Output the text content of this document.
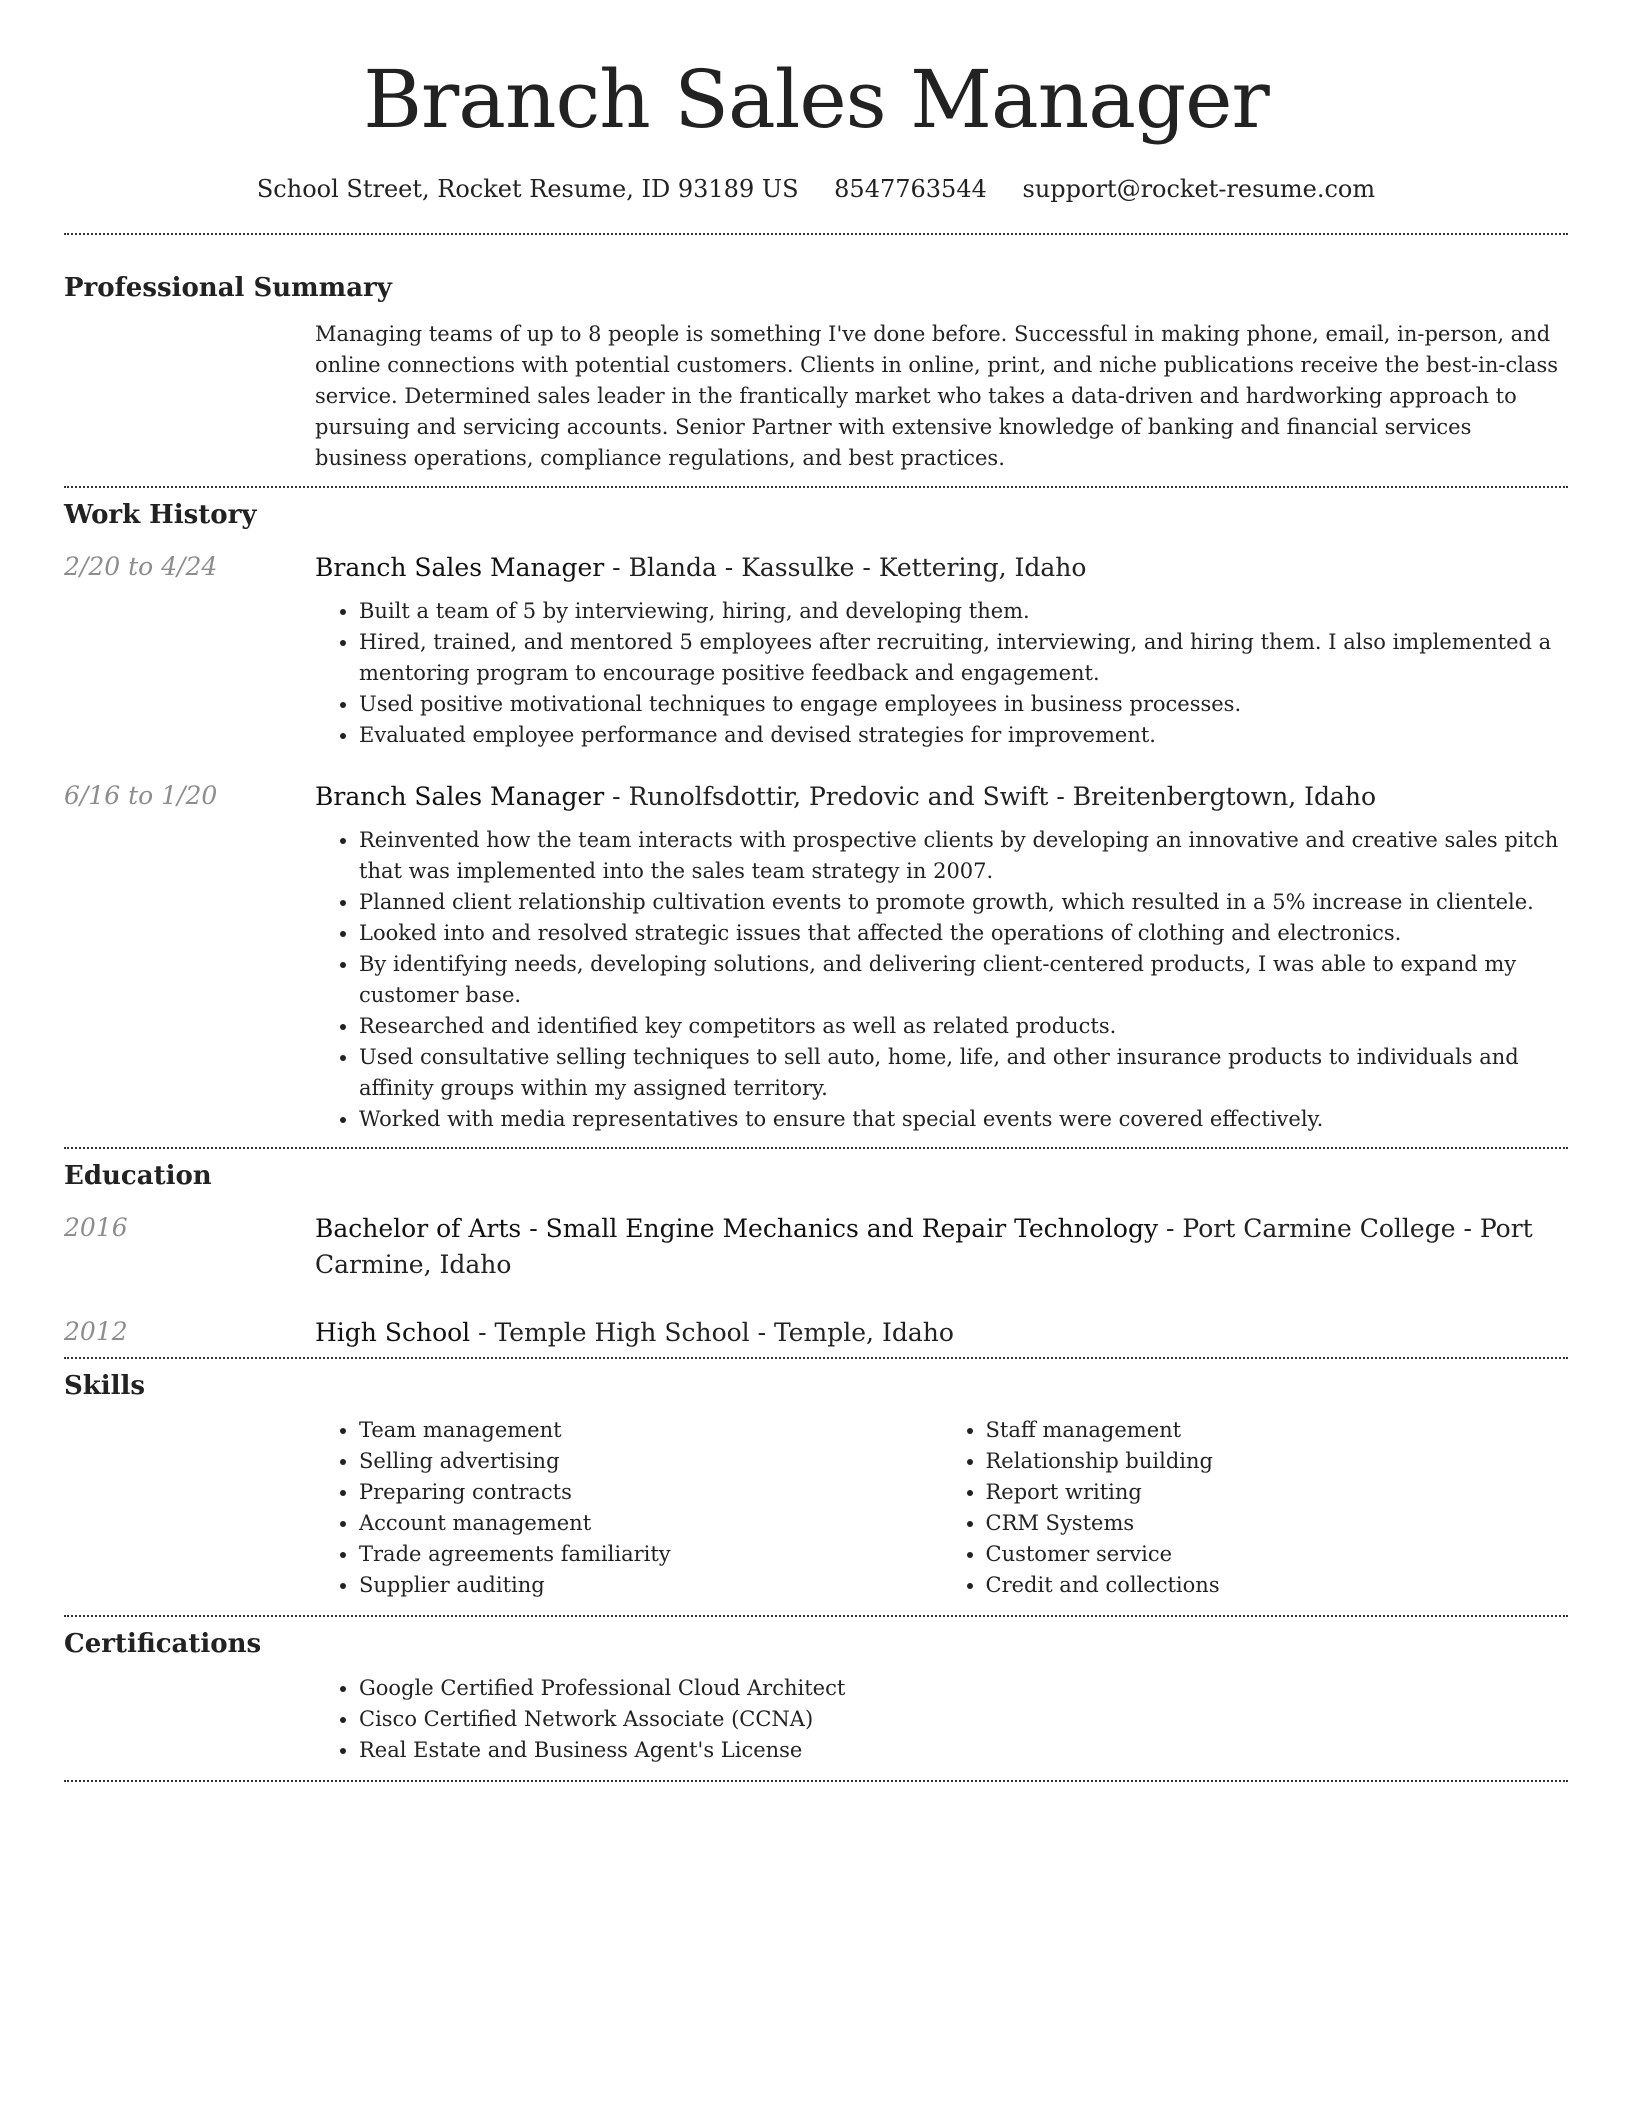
Branch Sales Manager
School Street, Rocket Resume, ID 93189 US 8547763544 support@rocket-resume.com
Professional Summary

Managing teams of up to 8 people is something I've done before. Successful in making phone, email, in-person, and online connections with potential customers. Clients in online, print, and niche publications receive the best-in-class service. Determined sales leader in the frantically market who takes a data-driven and hardworking approach to pursuing and servicing accounts. Senior Partner with extensive knowledge of banking and financial services business operations, compliance regulations, and best practices.

Work History
2/20 to 4/24	Branch Sales Manager - Blanda - Kassulke - Kettering, Idaho

• Built a team of 5 by interviewing, hiring, and developing them.
• Hired, trained, and mentored 5 employees after recruiting, interviewing, and hiring them. I also implemented a mentoring program to encourage positive feedback and engagement.
• Used positive motivational techniques to engage employees in business processes.
• Evaluated employee performance and devised strategies for improvement.
6/16 to 1/20	Branch Sales Manager - Runolfsdottir, Predovic and Swift - Breitenbergtown, Idaho

• Reinvented how the team interacts with prospective clients by developing an innovative and creative sales pitch that was implemented into the sales team strategy in 2007.
• Planned client relationship cultivation events to promote growth, which resulted in a 5% increase in clientele.
• Looked into and resolved strategic issues that affected the operations of clothing and electronics.
• By identifying needs, developing solutions, and delivering client-centered products, I was able to expand my customer base.
• Researched and identified key competitors as well as related products.
• Used consultative selling techniques to sell auto, home, life, and other insurance products to individuals and affinity groups within my assigned territory.
• Worked with media representatives to ensure that special events were covered effectively.
Education
2016	Bachelor of Arts - Small Engine Mechanics and Repair Technology - Port Carmine College - Port Carmine, Idaho

2012	High School - Temple High School - Temple, Idaho

Skills
• Team management
• Selling advertising
• Preparing contracts
• Account management
• Trade agreements familiarity
• Supplier auditing
• Staff management
• Relationship building
• Report writing
• CRM Systems
• Customer service
• Credit and collections
Certifications
• Google Certified Professional Cloud Architect
• Cisco Certified Network Associate (CCNA)
• Real Estate and Business Agent's License
